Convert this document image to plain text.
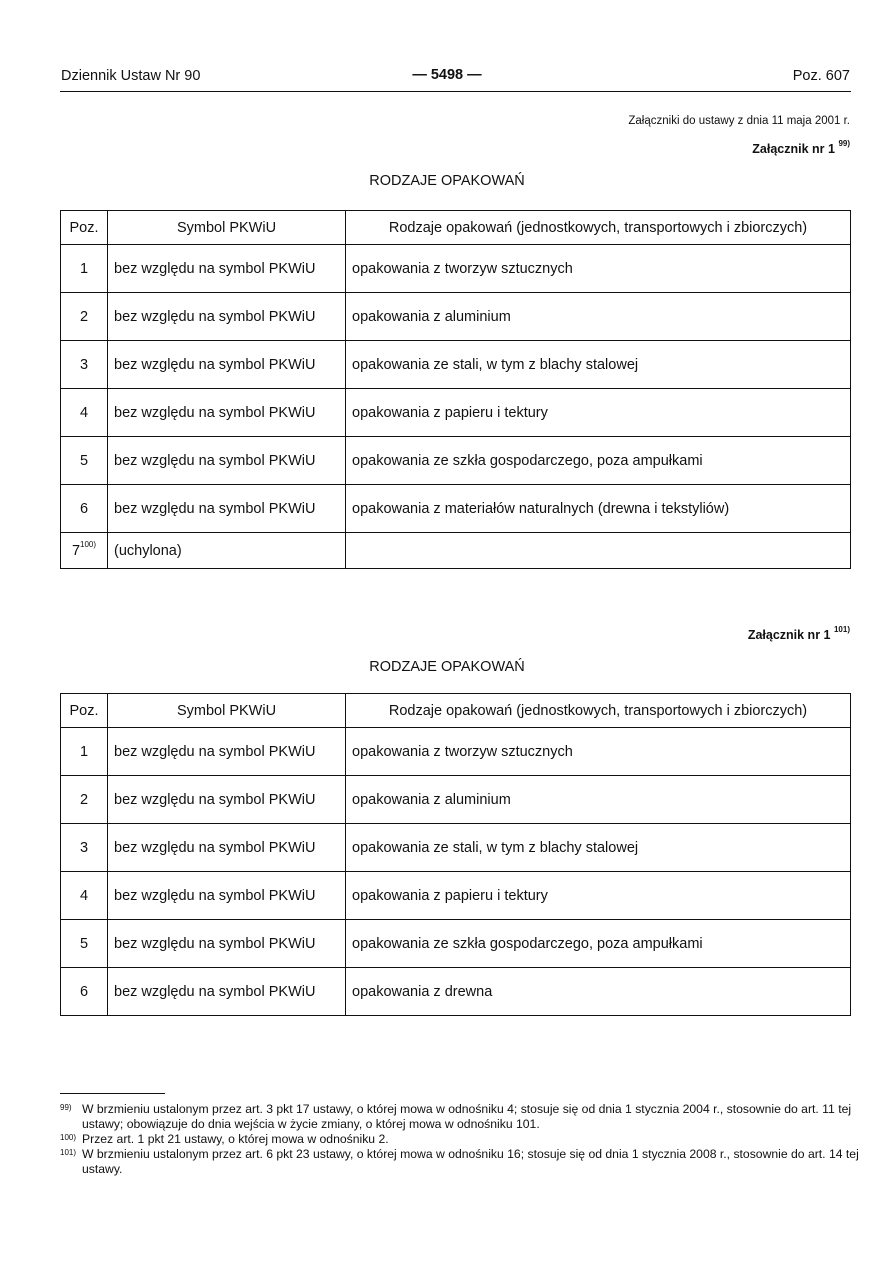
Dziennik Ustaw Nr 90	— 5498 —	Poz. 607
Załączniki do ustawy z dnia 11 maja 2001 r.
Załącznik nr 1 $^{99)}$
RODZAJE OPAKOWAŃ
Poz.	Symbol PKWiU	Rodzaje opakowań (jednostkowych, transportowych i zbiorczych)
1	bez względu na symbol PKWiU	opakowania z tworzyw sztucznych
2	bez względu na symbol PKWiU	opakowania z aluminium
3	bez względu na symbol PKWiU	opakowania ze stali, w tym z blachy stalowej
4	bez względu na symbol PKWiU	opakowania z papieru i tektury
5	bez względu na symbol PKWiU	opakowania ze szkła gospodarczego, poza ampułkami
6	bez względu na symbol PKWiU	opakowania z materiałów naturalnych (drewna i tekstyliów)
7$^{100)}$	(uchylona)	
Załącznik nr 1 $^{101)}$
RODZAJE OPAKOWAŃ
Poz.	Symbol PKWiU	Rodzaje opakowań (jednostkowych, transportowych i zbiorczych)
1	bez względu na symbol PKWiU	opakowania z tworzyw sztucznych
2	bez względu na symbol PKWiU	opakowania z aluminium
3	bez względu na symbol PKWiU	opakowania ze stali, w tym z blachy stalowej
4	bez względu na symbol PKWiU	opakowania z papieru i tektury
5	bez względu na symbol PKWiU	opakowania ze szkła gospodarczego, poza ampułkami
6	bez względu na symbol PKWiU	opakowania z drewna
99) W brzmieniu ustalonym przez art. 3 pkt 17 ustawy, o której mowa w odnośniku 4; stosuje się od dnia 1 stycznia 2004 r., stosownie do art. 11 tej ustawy; obowiązuje do dnia wejścia w życie zmiany, o której mowa w odnośniku 101.
100) Przez art. 1 pkt 21 ustawy, o której mowa w odnośniku 2.
101) W brzmieniu ustalonym przez art. 6 pkt 23 ustawy, o której mowa w odnośniku 16; stosuje się od dnia 1 stycznia 2008 r., stosownie do art. 14 tej ustawy.
